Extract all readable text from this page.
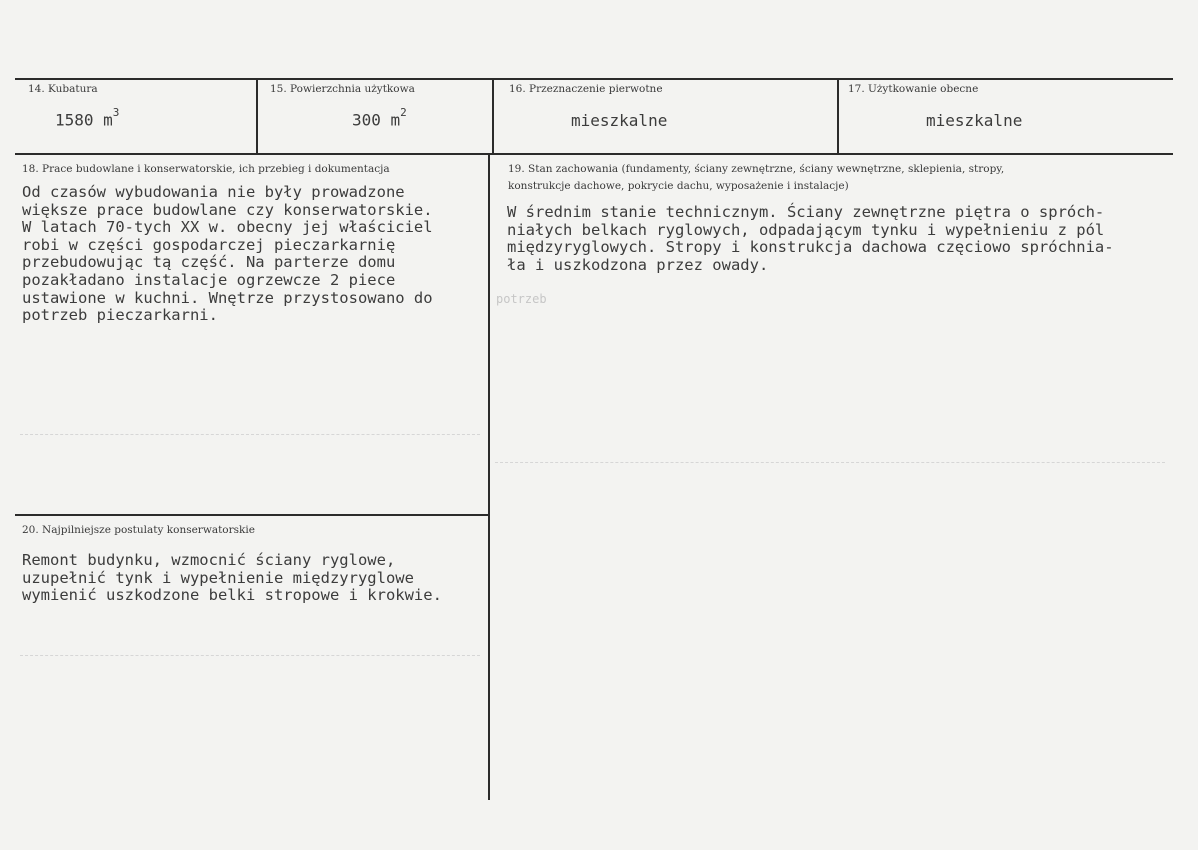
14. Kubatura
1580 $m^3$
15. Powierzchnia użytkowa
300 $m^2$
16. Przeznaczenie pierwotne
mieszkalne
17. Użytkowanie obecne
mieszkalne
18. Prace budowlane i konserwatorskie, ich przebieg i dokumentacja
Od czasów wybudowania nie były prowadzone
większe prace budowlane czy konserwatorskie.
W latach 70-tych XX w. obecny jej właściciel
robi w części gospodarczej pieczarkarnię
przebudowując tą część. Na parterze domu
pozakładano instalacje ogrzewcze 2 piece
ustawione w kuchni. Wnętrze przystosowano do
potrzeb pieczarkarni.
19. Stan zachowania (fundamenty, ściany zewnętrzne, ściany wewnętrzne, sklepienia, stropy,
konstrukcje dachowe, pokrycie dachu, wyposażenie i instalacje)
W średnim stanie technicznym. Ściany zewnętrzne piętra o spróch-
niałych belkach ryglowych, odpadającym tynku i wypełnieniu z pól
międzyryglowych. Stropy i konstrukcja dachowa częciowo spróchnia-
ła i uszkodzona przez owady.
potrzeb
20. Najpilniejsze postulaty konserwatorskie
Remont budynku, wzmocnić ściany ryglowe,
uzupełnić tynk i wypełnienie międzyryglowe
wymienić uszkodzone belki stropowe i krokwie.
